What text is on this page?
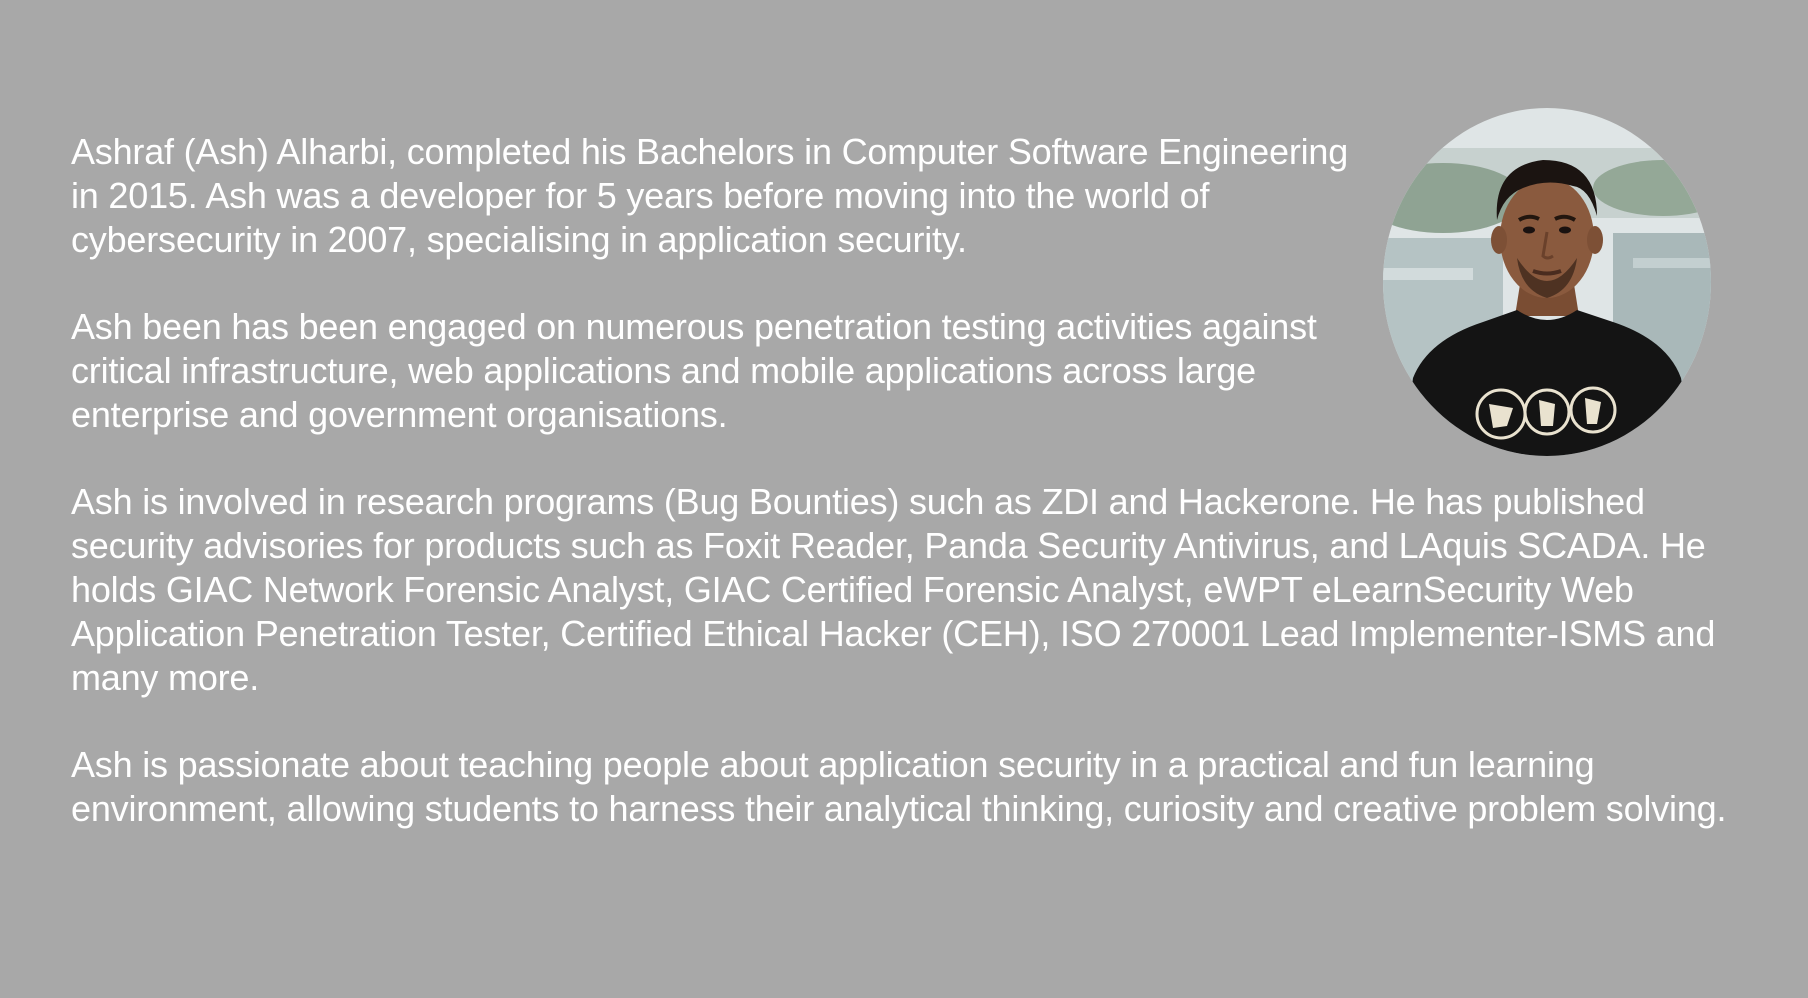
Ashraf (Ash) Alharbi, completed his Bachelors in Computer Software Engineering in 2015. Ash was a developer for 5 years before moving into the world of cybersecurity in 2007, specialising in application security.

Ash been has been engaged on numerous penetration testing activities against critical infrastructure, web applications and mobile applications across large enterprise and government organisations.

Ash is involved in research programs (Bug Bounties) such as ZDI and Hackerone. He has published security advisories for products such as Foxit Reader, Panda Security Antivirus, and LAquis SCADA. He holds GIAC Network Forensic Analyst, GIAC Certified Forensic Analyst, eWPT eLearnSecurity Web Application Penetration Tester, Certified Ethical Hacker (CEH), ISO 270001 Lead Implementer-ISMS and many more.

Ash is passionate about teaching people about application security in a practical and fun learning environment, allowing students to harness their analytical thinking, curiosity and creative problem solving.
